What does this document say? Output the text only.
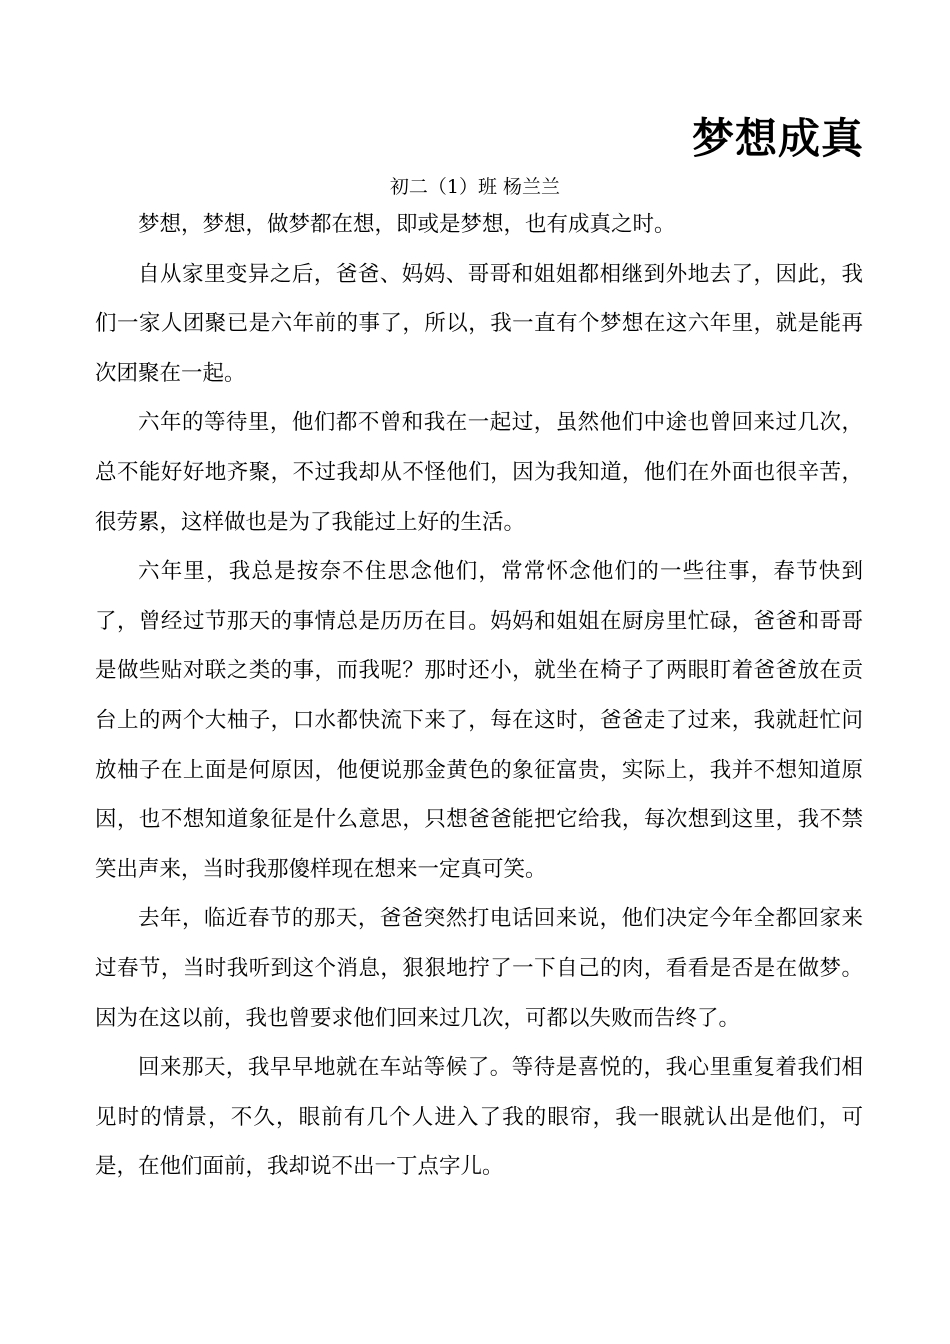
梦想成真
初二（1）班 杨兰兰

梦想，梦想，做梦都在想，即或是梦想，也有成真之时。

自从家里变异之后，爸爸、妈妈、哥哥和姐姐都相继到外地去了，因此，我们一家人团聚已是六年前的事了，所以，我一直有个梦想在这六年里，就是能再次团聚在一起。

六年的等待里，他们都不曾和我在一起过，虽然他们中途也曾回来过几次，总不能好好地齐聚，不过我却从不怪他们，因为我知道，他们在外面也很辛苦，很劳累，这样做也是为了我能过上好的生活。

六年里，我总是按奈不住思念他们，常常怀念他们的一些往事，春节快到了，曾经过节那天的事情总是历历在目。妈妈和姐姐在厨房里忙碌，爸爸和哥哥是做些贴对联之类的事，而我呢？那时还小，就坐在椅子了两眼盯着爸爸放在贡台上的两个大柚子，口水都快流下来了，每在这时，爸爸走了过来，我就赶忙问放柚子在上面是何原因，他便说那金黄色的象征富贵，实际上，我并不想知道原因，也不想知道象征是什么意思，只想爸爸能把它给我，每次想到这里，我不禁笑出声来，当时我那傻样现在想来一定真可笑。

去年，临近春节的那天，爸爸突然打电话回来说，他们决定今年全都回家来过春节，当时我听到这个消息，狠狠地拧了一下自己的肉，看看是否是在做梦。因为在这以前，我也曾要求他们回来过几次，可都以失败而告终了。

回来那天，我早早地就在车站等候了。等待是喜悦的，我心里重复着我们相见时的情景，不久，眼前有几个人进入了我的眼帘，我一眼就认出是他们，可是，在他们面前，我却说不出一丁点字儿。
